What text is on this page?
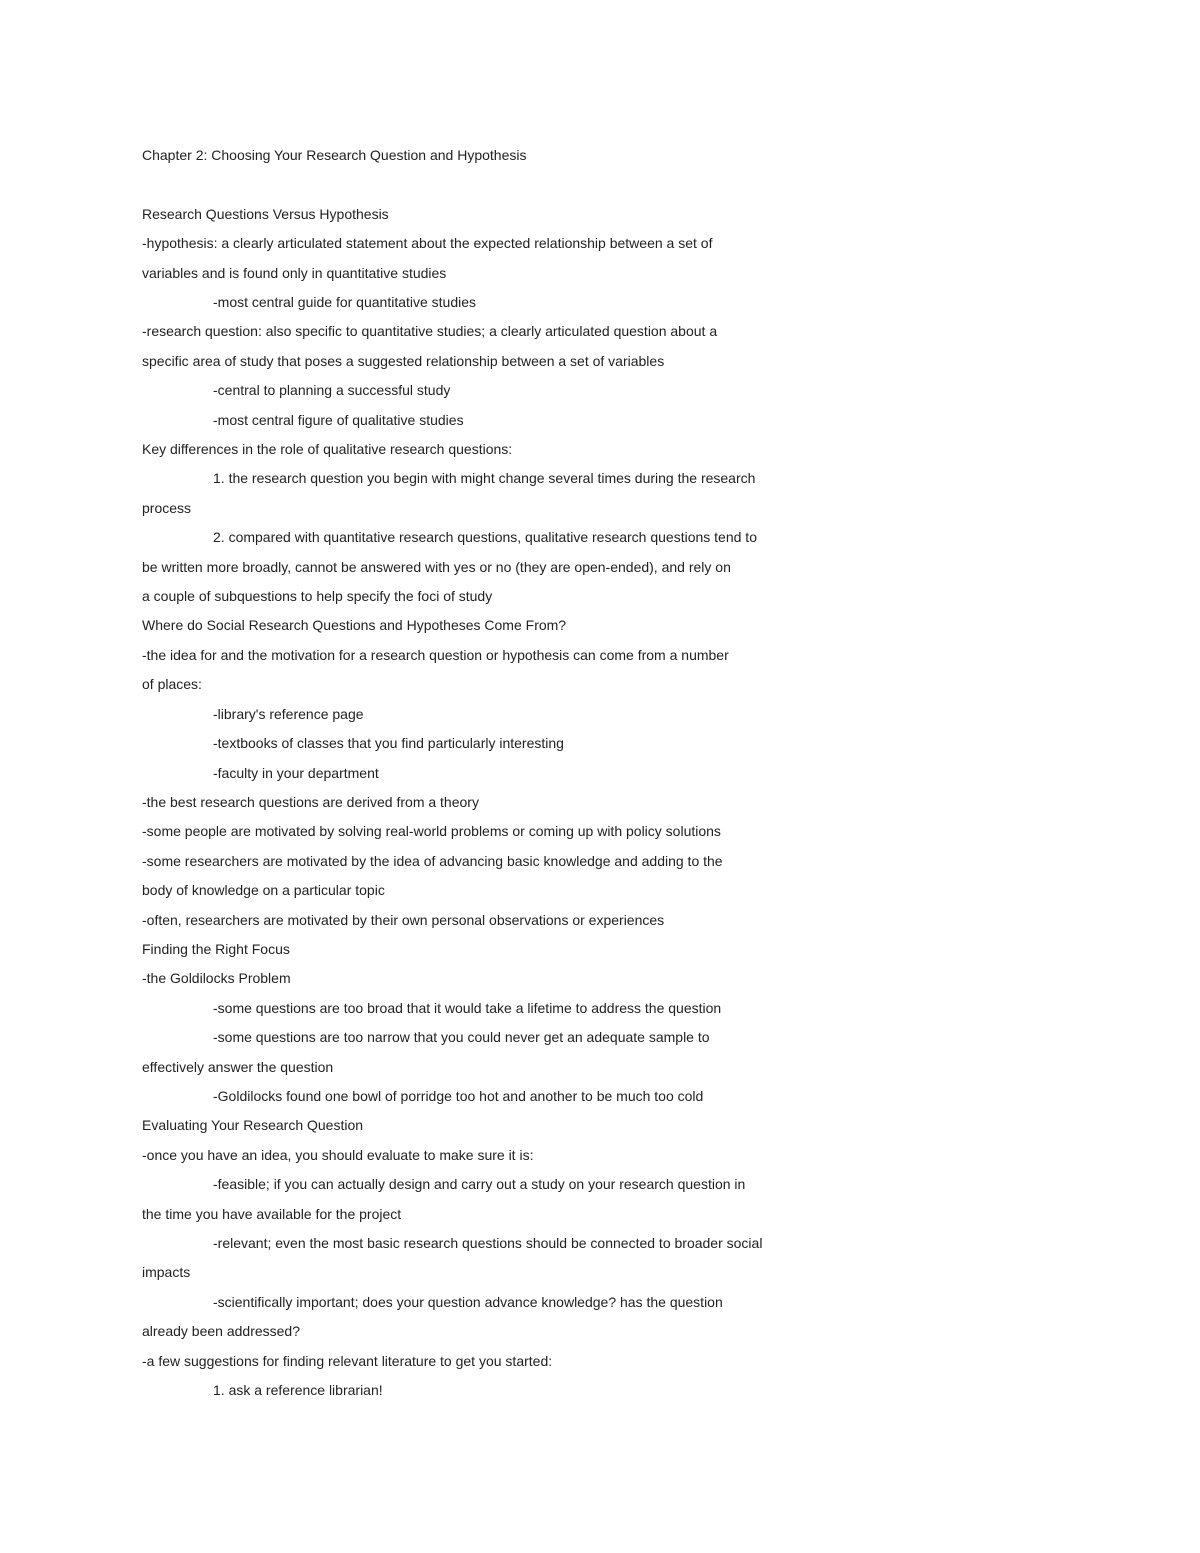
Chapter 2: Choosing Your Research Question and Hypothesis

Research Questions Versus Hypothesis

-hypothesis: a clearly articulated statement about the expected relationship between a set of

variables and is found only in quantitative studies

-most central guide for quantitative studies

-research question: also specific to quantitative studies; a clearly articulated question about a

specific area of study that poses a suggested relationship between a set of variables

-central to planning a successful study

-most central figure of qualitative studies

Key differences in the role of qualitative research questions:

1. the research question you begin with might change several times during the research

process

2. compared with quantitative research questions, qualitative research questions tend to

be written more broadly, cannot be answered with yes or no (they are open-ended), and rely on

a couple of subquestions to help specify the foci of study

Where do Social Research Questions and Hypotheses Come From?

-the idea for and the motivation for a research question or hypothesis can come from a number

of places:

-library's reference page

-textbooks of classes that you find particularly interesting

-faculty in your department

-the best research questions are derived from a theory

-some people are motivated by solving real-world problems or coming up with policy solutions

-some researchers are motivated by the idea of advancing basic knowledge and adding to the

body of knowledge on a particular topic

-often, researchers are motivated by their own personal observations or experiences

Finding the Right Focus

-the Goldilocks Problem

-some questions are too broad that it would take a lifetime to address the question

-some questions are too narrow that you could never get an adequate sample to

effectively answer the question

-Goldilocks found one bowl of porridge too hot and another to be much too cold

Evaluating Your Research Question

-once you have an idea, you should evaluate to make sure it is:

-feasible; if you can actually design and carry out a study on your research question in

the time you have available for the project

-relevant; even the most basic research questions should be connected to broader social

impacts

-scientifically important; does your question advance knowledge? has the question

already been addressed?

-a few suggestions for finding relevant literature to get you started:

1. ask a reference librarian!
